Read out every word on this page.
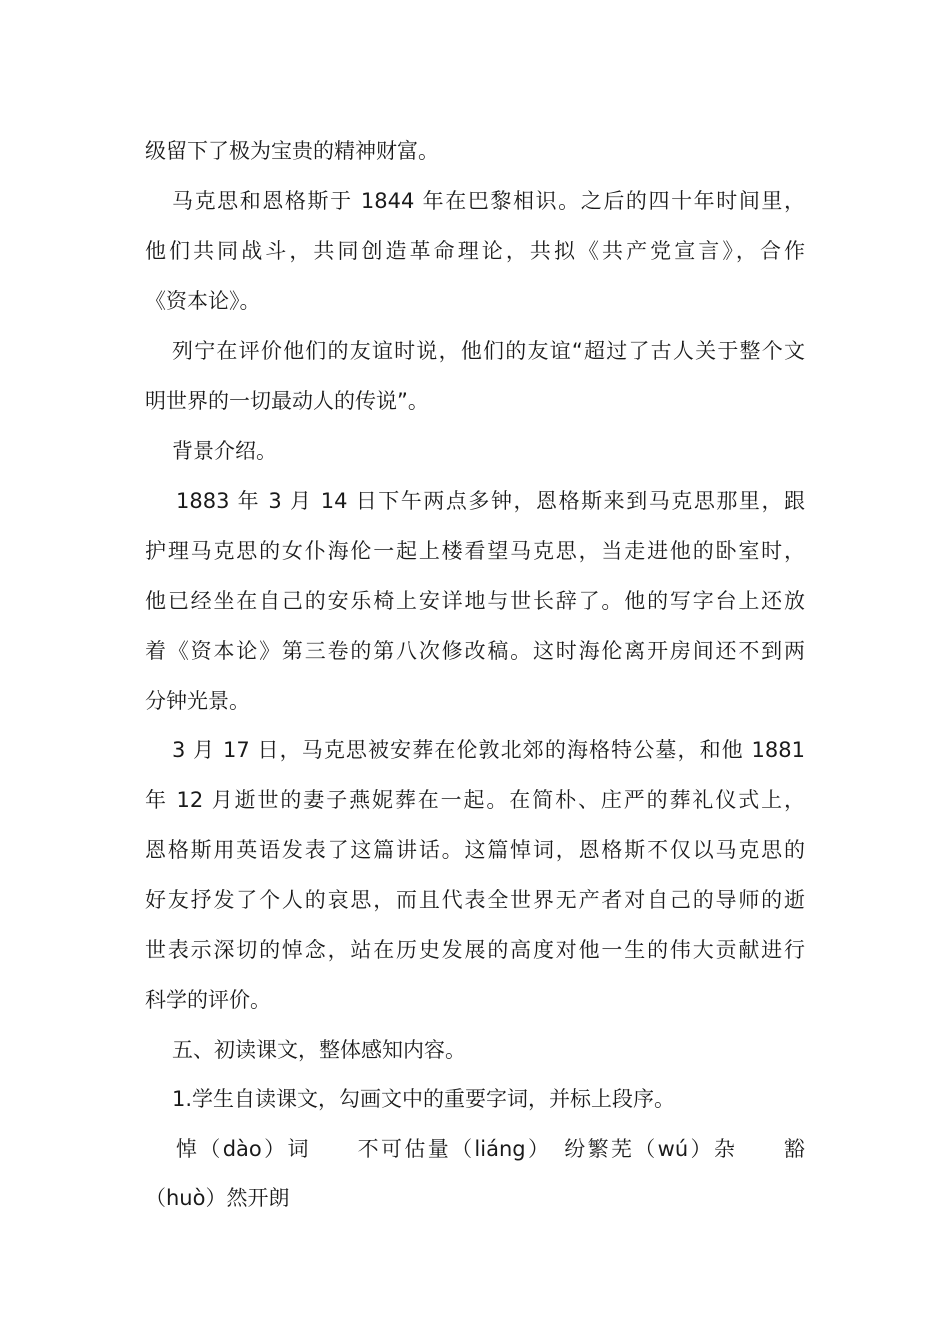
级留下了极为宝贵的精神财富。
马克思和恩格斯于 1844 年在巴黎相识。之后的四十年时间里，
他们共同战斗，共同创造革命理论，共拟《共产党宣言》，合作
《资本论》。
列宁在评价他们的友谊时说，他们的友谊“超过了古人关于整个文
明世界的一切最动人的传说”。
背景介绍。
1883 年 3 月 14 日下午两点多钟，恩格斯来到马克思那里，跟
护理马克思的女仆海伦一起上楼看望马克思，当走进他的卧室时，
他已经坐在自己的安乐椅上安详地与世长辞了。他的写字台上还放
着《资本论》第三卷的第八次修改稿。这时海伦离开房间还不到两
分钟光景。
3 月 17 日，马克思被安葬在伦敦北郊的海格特公墓，和他 1881
年 12 月逝世的妻子燕妮葬在一起。在简朴、庄严的葬礼仪式上，
恩格斯用英语发表了这篇讲话。这篇悼词，恩格斯不仅以马克思的
好友抒发了个人的哀思，而且代表全世界无产者对自己的导师的逝
世表示深切的悼念，站在历史发展的高度对他一生的伟大贡献进行
科学的评价。
五、初读课文，整体感知内容。
1.学生自读课文，勾画文中的重要字词，并标上段序。
悼（dào）词　　不可估量（liáng）　纷繁芜（wú）杂　　豁
（huò）然开朗
